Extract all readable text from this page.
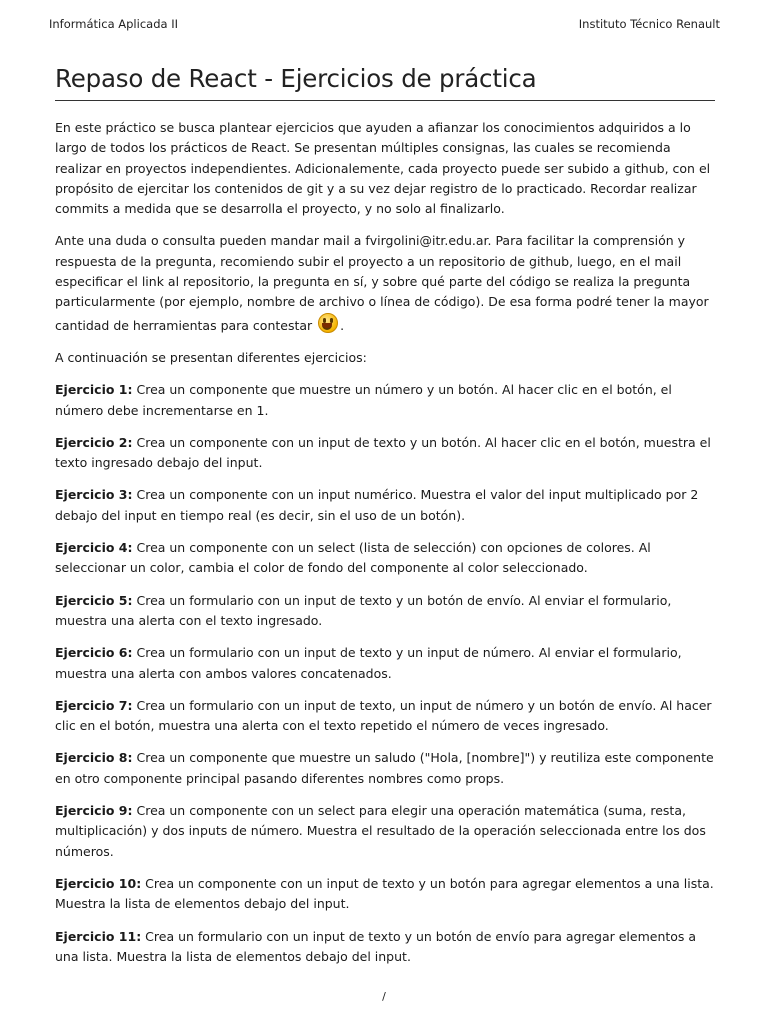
Informática Aplicada II	Instituto Técnico Renault
Repaso de React - Ejercicios de práctica

En este práctico se busca plantear ejercicios que ayuden a afianzar los conocimientos adquiridos a lo largo de todos los prácticos de React. Se presentan múltiples consignas, las cuales se recomienda realizar en proyectos independientes. Adicionalemente, cada proyecto puede ser subido a github, con el propósito de ejercitar los contenidos de git y a su vez dejar registro de lo practicado. Recordar realizar commits a medida que se desarrolla el proyecto, y no solo al finalizarlo.

Ante una duda o consulta pueden mandar mail a fvirgolini@itr.edu.ar. Para facilitar la comprensión y respuesta de la pregunta, recomiendo subir el proyecto a un repositorio de github, luego, en el mail especificar el link al repositorio, la pregunta en sí, y sobre qué parte del código se realiza la pregunta particularmente (por ejemplo, nombre de archivo o línea de código). De esa forma podré tener la mayor cantidad de herramientas para contestar .

A continuación se presentan diferentes ejercicios:

Ejercicio 1: Crea un componente que muestre un número y un botón. Al hacer clic en el botón, el número debe incrementarse en 1.

Ejercicio 2: Crea un componente con un input de texto y un botón. Al hacer clic en el botón, muestra el texto ingresado debajo del input.

Ejercicio 3: Crea un componente con un input numérico. Muestra el valor del input multiplicado por 2 debajo del input en tiempo real (es decir, sin el uso de un botón).

Ejercicio 4: Crea un componente con un select (lista de selección) con opciones de colores. Al seleccionar un color, cambia el color de fondo del componente al color seleccionado.

Ejercicio 5: Crea un formulario con un input de texto y un botón de envío. Al enviar el formulario, muestra una alerta con el texto ingresado.

Ejercicio 6: Crea un formulario con un input de texto y un input de número. Al enviar el formulario, muestra una alerta con ambos valores concatenados.

Ejercicio 7: Crea un formulario con un input de texto, un input de número y un botón de envío. Al hacer clic en el botón, muestra una alerta con el texto repetido el número de veces ingresado.

Ejercicio 8: Crea un componente que muestre un saludo ("Hola, [nombre]") y reutiliza este componente en otro componente principal pasando diferentes nombres como props.

Ejercicio 9: Crea un componente con un select para elegir una operación matemática (suma, resta, multiplicación) y dos inputs de número. Muestra el resultado de la operación seleccionada entre los dos números.

Ejercicio 10: Crea un componente con un input de texto y un botón para agregar elementos a una lista. Muestra la lista de elementos debajo del input.

Ejercicio 11: Crea un formulario con un input de texto y un botón de envío para agregar elementos a una lista. Muestra la lista de elementos debajo del input.

/
